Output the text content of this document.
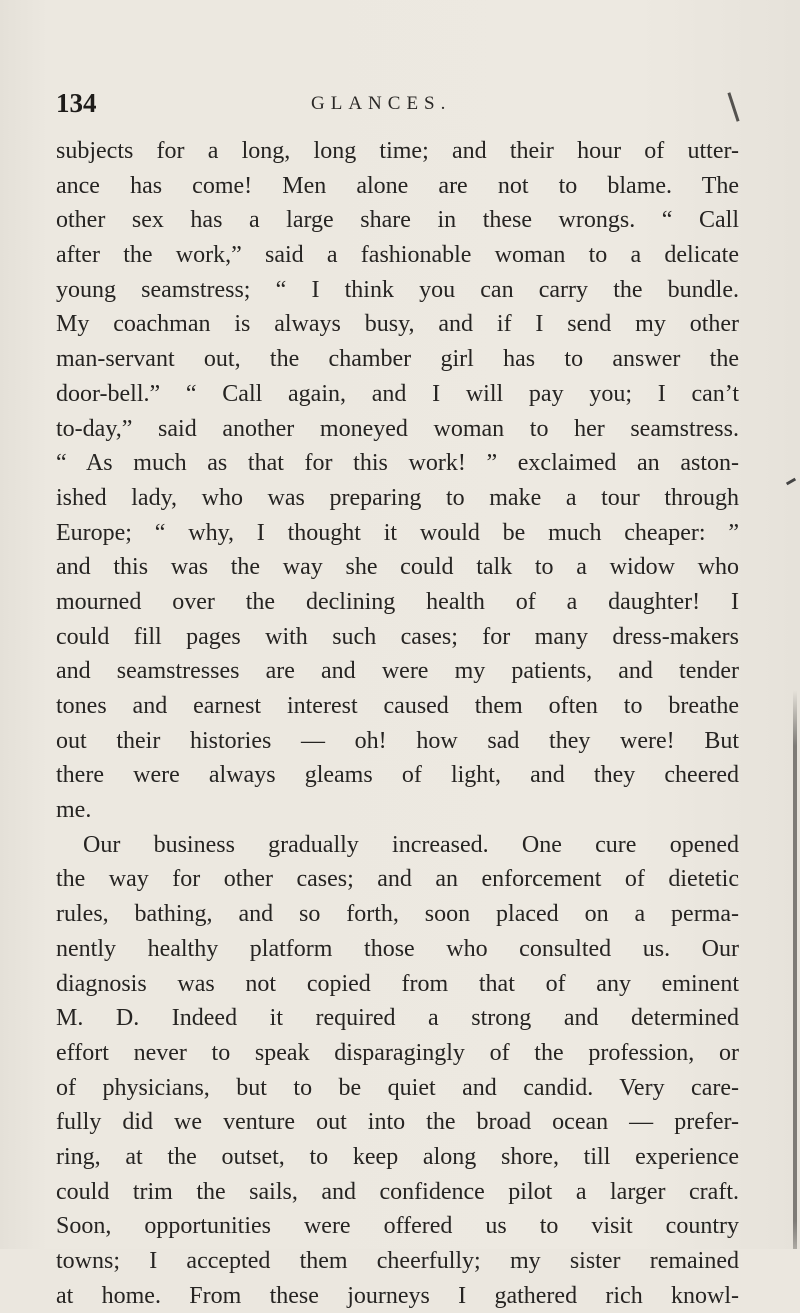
134	GLANCES.
subjects for a long, long time; and their hour of utter-
ance has come! Men alone are not to blame. The
other sex has a large share in these wrongs. “ Call
after the work,” said a fashionable woman to a delicate
young seamstress; “ I think you can carry the bundle.
My coachman is always busy, and if I send my other
man-servant out, the chamber girl has to answer the
door-bell.” “ Call again, and I will pay you; I can’t
to-day,” said another moneyed woman to her seamstress.
“ As much as that for this work! ” exclaimed an aston-
ished lady, who was preparing to make a tour through
Europe; “ why, I thought it would be much cheaper: ”
and this was the way she could talk to a widow who
mourned over the declining health of a daughter! I
could fill pages with such cases; for many dress-makers
and seamstresses are and were my patients, and tender
tones and earnest interest caused them often to breathe
out their histories — oh! how sad they were! But
there were always gleams of light, and they cheered
me.
Our business gradually increased. One cure opened
the way for other cases; and an enforcement of dietetic
rules, bathing, and so forth, soon placed on a perma-
nently healthy platform those who consulted us. Our
diagnosis was not copied from that of any eminent
M. D. Indeed it required a strong and determined
effort never to speak disparagingly of the profession, or
of physicians, but to be quiet and candid. Very care-
fully did we venture out into the broad ocean — prefer-
ring, at the outset, to keep along shore, till experience
could trim the sails, and confidence pilot a larger craft.
Soon, opportunities were offered us to visit country
towns; I accepted them cheerfully; my sister remained
at home. From these journeys I gathered rich knowl-
